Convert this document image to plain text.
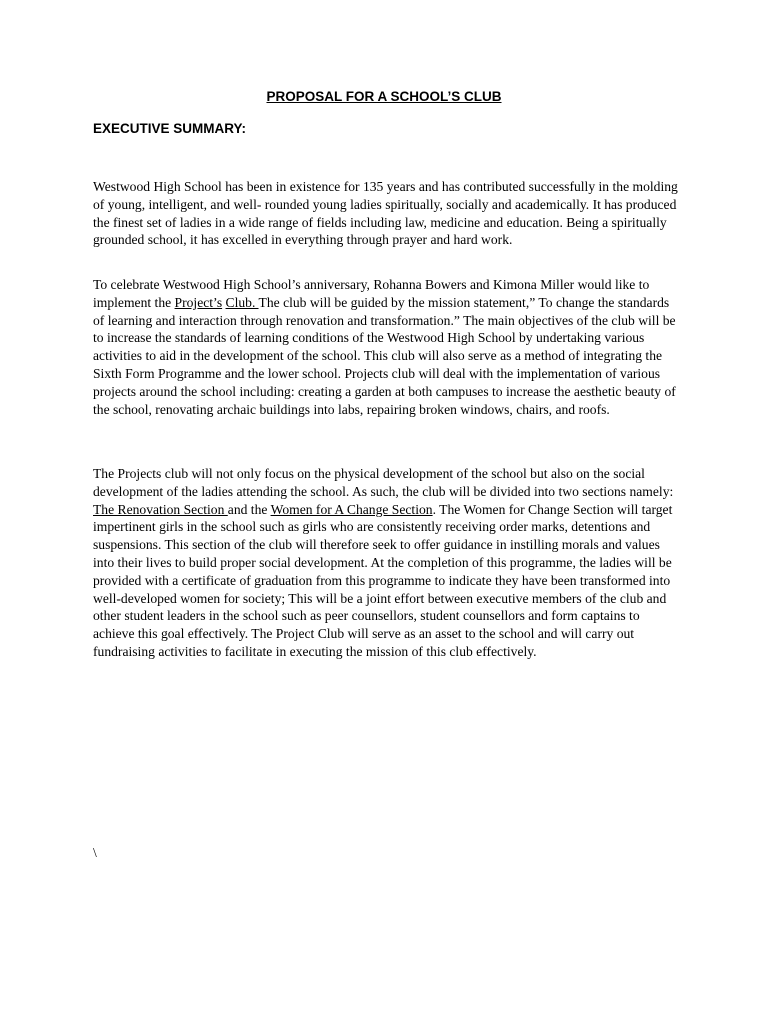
PROPOSAL FOR A SCHOOL’S CLUB
EXECUTIVE SUMMARY:
Westwood High School has been in existence for 135 years and has contributed successfully in the molding of young, intelligent, and well- rounded young ladies spiritually, socially and academically. It has produced the finest set of ladies in a wide range of fields including law, medicine and education. Being a spiritually grounded school, it has excelled in everything through prayer and hard work.
To celebrate Westwood High School’s anniversary, Rohanna Bowers and Kimona Miller would like to implement the Project’s Club. The club will be guided by the mission statement,” To change the standards of learning and interaction through renovation and transformation.” The main objectives of the club will be to increase the standards of learning conditions of the Westwood High School by undertaking various activities to aid in the development of the school. This club will also serve as a method of integrating the Sixth Form Programme and the lower school. Projects club will deal with the implementation of various projects around the school including: creating a garden at both campuses to increase the aesthetic beauty of the school, renovating archaic buildings into labs, repairing broken windows, chairs, and roofs.
The Projects club will not only focus on the physical development of the school but also on the social development of the ladies attending the school. As such, the club will be divided into two sections namely: The Renovation Section and the Women for A Change Section. The Women for Change Section will target impertinent girls in the school such as girls who are consistently receiving order marks, detentions and suspensions. This section of the club will therefore seek to offer guidance in instilling morals and values into their lives to build proper social development. At the completion of this programme, the ladies will be provided with a certificate of graduation from this programme to indicate they have been transformed into well-developed women for society; This will be a joint effort between executive members of the club and other student leaders in the school such as peer counsellors, student counsellors and form captains to achieve this goal effectively. The Project Club will serve as an asset to the school and will carry out fundraising activities to facilitate in executing the mission of this club effectively.
\
